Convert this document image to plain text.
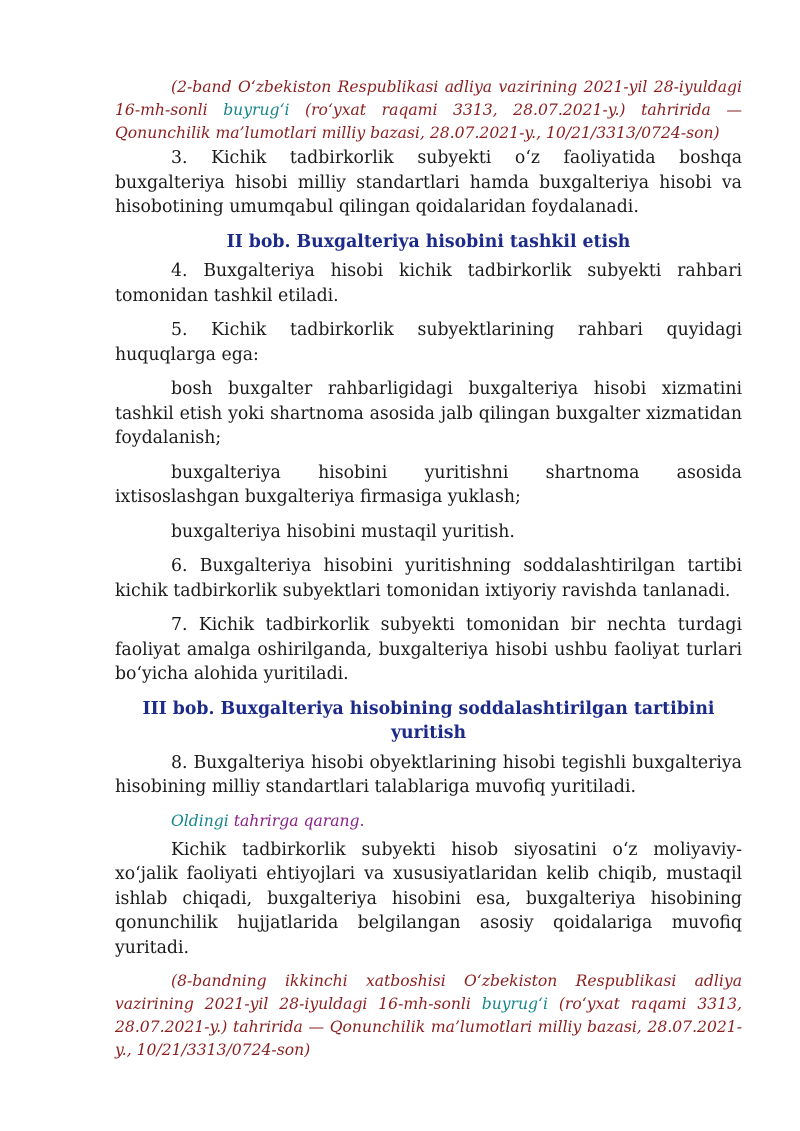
(2-band O‘zbekiston Respublikasi adliya vazirining 2021-yil 28-iyuldagi 16-mh-sonli buyrug‘i (ro‘yxat raqami 3313, 28.07.2021-y.) tahririda — Qonunchilik ma’lumotlari milliy bazasi, 28.07.2021-y., 10/21/3313/0724-son)

3. Kichik tadbirkorlik subyekti o‘z faoliyatida boshqa buxgalteriya hisobi milliy standartlari hamda buxgalteriya hisobi va hisobotining umumqabul qilingan qoidalaridan foydalanadi.

II bob. Buxgalteriya hisobini tashkil etish

4. Buxgalteriya hisobi kichik tadbirkorlik subyekti rahbari tomonidan tashkil etiladi.

5. Kichik tadbirkorlik subyektlarining rahbari quyidagi huquqlarga ega:

bosh buxgalter rahbarligidagi buxgalteriya hisobi xizmatini tashkil etish yoki shartnoma asosida jalb qilingan buxgalter xizmatidan foydalanish;

buxgalteriya hisobini yuritishni shartnoma asosida ixtisoslashgan buxgalteriya firmasiga yuklash;

buxgalteriya hisobini mustaqil yuritish.

6. Buxgalteriya hisobini yuritishning soddalashtirilgan tartibi kichik tadbirkorlik subyektlari tomonidan ixtiyoriy ravishda tanlanadi.

7. Kichik tadbirkorlik subyekti tomonidan bir nechta turdagi faoliyat amalga oshirilganda, buxgalteriya hisobi ushbu faoliyat turlari bo‘yicha alohida yuritiladi.

III bob. Buxgalteriya hisobining soddalashtirilgan tartibini yuritish

8. Buxgalteriya hisobi obyektlarining hisobi tegishli buxgalteriya hisobining milliy standartlari talablariga muvofiq yuritiladi.

Oldingi tahrirga qarang.

Kichik tadbirkorlik subyekti hisob siyosatini o‘z moliyaviy-xo‘jalik faoliyati ehtiyojlari va xususiyatlaridan kelib chiqib, mustaqil ishlab chiqadi, buxgalteriya hisobini esa, buxgalteriya hisobining qonunchilik hujjatlarida belgilangan asosiy qoidalariga muvofiq yuritadi.

(8-bandning ikkinchi xatboshisi O‘zbekiston Respublikasi adliya vazirining 2021-yil 28-iyuldagi 16-mh-sonli buyrug‘i (ro‘yxat raqami 3313, 28.07.2021-y.) tahririda — Qonunchilik ma’lumotlari milliy bazasi, 28.07.2021-y., 10/21/3313/0724-son)
